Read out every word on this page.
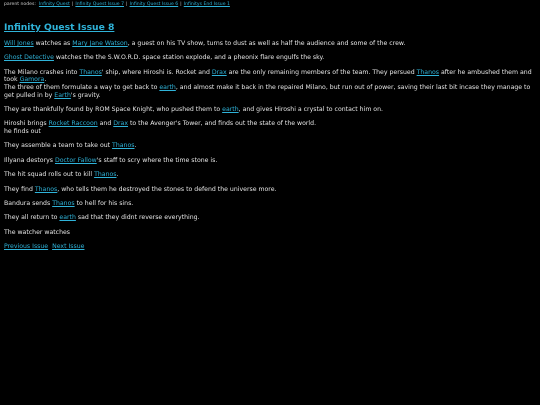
parent nodes: Infinity Quest | Infinity Quest Issue 7 | Infinity Quest Issue 6 | Infinitys End Issue 1
Infinity Quest Issue 8

Will Jones watches as Mary Jane Watson, a guest on his TV show, turns to dust as well as half the audience and some of the crew.

Ghost Detective watches the the S.W.O.R.D. space station explode, and a pheonix flare engulfs the sky.

The Milano crashes into Thanos' ship, where Hiroshi is. Rocket and Drax are the only remaining members of the team. They persued Thanos after he ambushed them and took Gamora.
The three of them formulate a way to get back to earth, and almost make it back in the repaired Milano, but run out of power, saving their last bit incase they manage to get pulled in by Earth's gravity.

They are thankfully found by ROM Space Knight, who pushed them to earth, and gives Hiroshi a crystal to contact him on.

Hiroshi brings Rocket Raccoon and Drax to the Avenger's Tower, and finds out the state of the world.
he finds out

They assemble a team to take out Thanos.

Illyana destorys Doctor Fallow's staff to scry where the time stone is.

The hit squad rolls out to kill Thanos.

They find Thanos, who tells them he destroyed the stones to defend the universe more.

Bandura sends Thanos to hell for his sins.

They all return to earth sad that they didnt reverse everything.

The watcher watches

Previous Issue Next Issue
